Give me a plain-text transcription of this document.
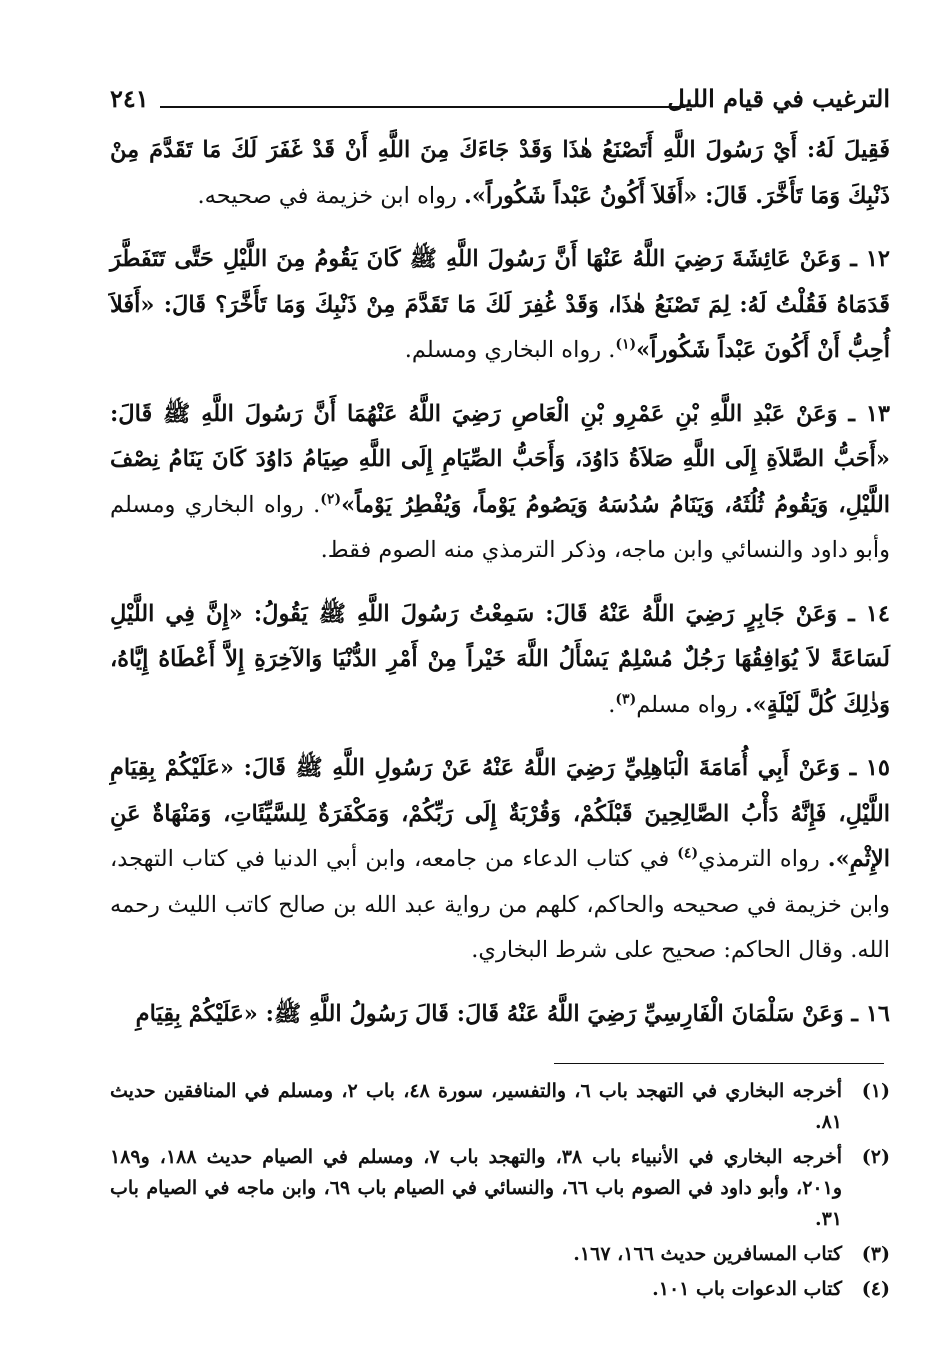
الترغيب في قيام الليل
٢٤١

فَقِيلَ لَهُ: أَيْ رَسُولَ اللَّهِ أَتَصْنَعُ هٰذَا وَقَدْ جَاءَكَ مِنَ اللَّهِ أَنْ قَدْ غَفَرَ لَكَ مَا تَقَدَّمَ مِنْ ذَنْبِكَ وَمَا تَأَخَّرَ. قَالَ: «أَفَلاَ أَكُونُ عَبْداً شَكُوراً». رواه ابن خزيمة في صحيحه.

١٢ ـ وَعَنْ عَائِشَةَ رَضِيَ اللَّهُ عَنْهَا أَنَّ رَسُولَ اللَّهِ ﷺ كَانَ يَقُومُ مِنَ اللَّيْلِ حَتَّى تَتَفَطَّرَ قَدَمَاهُ فَقُلْتُ لَهُ: لِمَ تَصْنَعُ هٰذَا، وَقَدْ غُفِرَ لَكَ مَا تَقَدَّمَ مِنْ ذَنْبِكَ وَمَا تَأَخَّرَ؟ قَالَ: «أَفَلاَ أُحِبُّ أَنْ أَكُونَ عَبْداً شَكُوراً»$^{(١)}$. رواه البخاري ومسلم.

١٣ ـ وَعَنْ عَبْدِ اللَّهِ بْنِ عَمْرِو بْنِ الْعَاصِ رَضِيَ اللَّهُ عَنْهُمَا أَنَّ رَسُولَ اللَّهِ ﷺ قَالَ: «أَحَبُّ الصَّلاَةِ إِلَى اللَّهِ صَلاَةُ دَاوُدَ، وَأَحَبُّ الصِّيَامِ إِلَى اللَّهِ صِيَامُ دَاوُدَ كَانَ يَنَامُ نِصْفَ اللَّيْلِ، وَيَقُومُ ثُلُثَهُ، وَيَنَامُ سُدُسَهُ وَيَصُومُ يَوْماً، وَيُفْطِرُ يَوْماً»$^{(٢)}$. رواه البخاري ومسلم وأبو داود والنسائي وابن ماجه، وذكر الترمذي منه الصوم فقط.

١٤ ـ وَعَنْ جَابِرٍ رَضِيَ اللَّهُ عَنْهُ قَالَ: سَمِعْتُ رَسُولَ اللَّهِ ﷺ يَقُولُ: «إِنَّ فِي اللَّيْلِ لَسَاعَةً لاَ يُوَافِقُهَا رَجُلٌ مُسْلِمٌ يَسْأَلُ اللَّهَ خَيْراً مِنْ أَمْرِ الدُّنْيَا وَالآخِرَةِ إِلاَّ أَعْطَاهُ إِيَّاهُ، وَذٰلِكَ كُلَّ لَيْلَةٍ». رواه مسلم$^{(٣)}$.

١٥ ـ وَعَنْ أَبِي أُمَامَةَ الْبَاهِلِيِّ رَضِيَ اللَّهُ عَنْهُ عَنْ رَسُولِ اللَّهِ ﷺ قَالَ: «عَلَيْكُمْ بِقِيَامِ اللَّيْلِ، فَإِنَّهُ دَأْبُ الصَّالِحِينَ قَبْلَكُمْ، وَقُرْبَةٌ إِلَى رَبِّكُمْ، وَمَكْفَرَةٌ لِلسَّيِّئَاتِ، وَمَنْهَاةٌ عَنِ الإِثْمِ». رواه الترمذي$^{(٤)}$ في كتاب الدعاء من جامعه، وابن أبي الدنيا في كتاب التهجد، وابن خزيمة في صحيحه والحاكم، كلهم من رواية عبد الله بن صالح كاتب الليث رحمه الله. وقال الحاكم: صحيح على شرط البخاري.

١٦ ـ وَعَنْ سَلْمَانَ الْفَارِسِيِّ رَضِيَ اللَّهُ عَنْهُ قَالَ: قَالَ رَسُولُ اللَّهِ ﷺ: «عَلَيْكُمْ بِقِيَامِ

(١)
أخرجه البخاري في التهجد باب ٦، والتفسير، سورة ٤٨، باب ٢، ومسلم في المنافقين حديث ٨١.
(٢)
أخرجه البخاري في الأنبياء باب ٣٨، والتهجد باب ٧، ومسلم في الصيام حديث ١٨٨، و١٨٩ و٢٠١، وأبو داود في الصوم باب ٦٦، والنسائي في الصيام باب ٦٩، وابن ماجه في الصيام باب ٣١.
(٣)
كتاب المسافرين حديث ١٦٦، ١٦٧.
(٤)
كتاب الدعوات باب ١٠١.
